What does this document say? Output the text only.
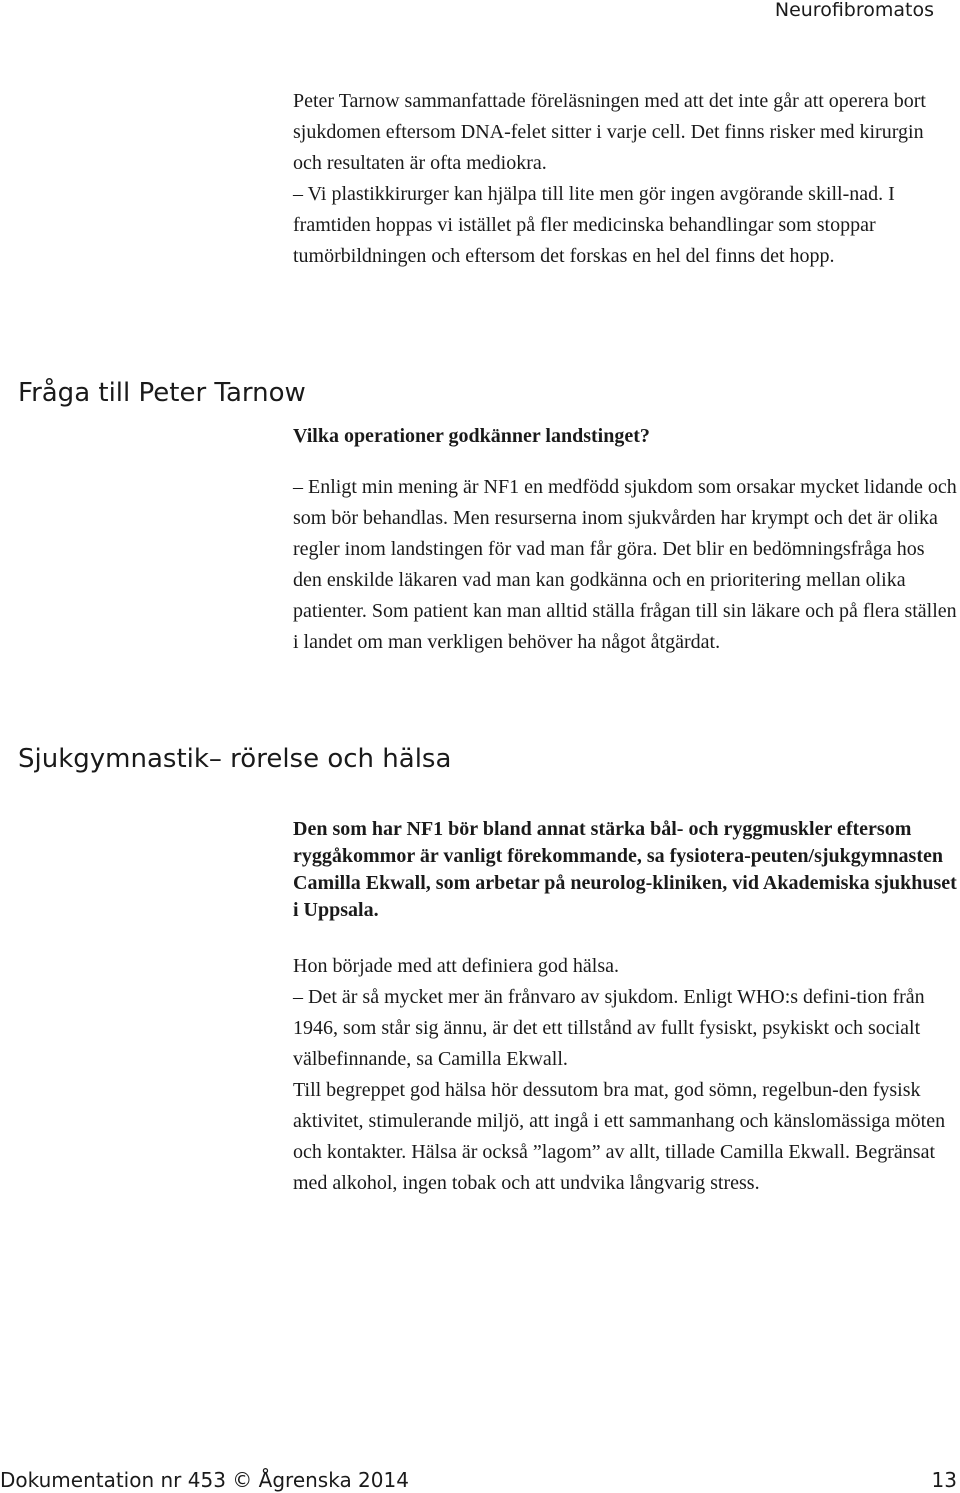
Neurofibromatos

Peter Tarnow sammanfattade föreläsningen med att det inte går att operera bort sjukdomen eftersom DNA-felet sitter i varje cell. Det finns risker med kirurgin och resultaten är ofta mediokra.
– Vi plastikkirurger kan hjälpa till lite men gör ingen avgörande skill-nad. I framtiden hoppas vi istället på fler medicinska behandlingar som stoppar tumörbildningen och eftersom det forskas en hel del finns det hopp.

Fråga till Peter Tarnow

Vilka operationer godkänner landstinget?

– Enligt min mening är NF1 en medfödd sjukdom som orsakar mycket lidande och som bör behandlas. Men resurserna inom sjukvården har krympt och det är olika regler inom landstingen för vad man får göra. Det blir en bedömningsfråga hos den enskilde läkaren vad man kan godkänna och en prioritering mellan olika patienter. Som patient kan man alltid ställa frågan till sin läkare och på flera ställen i landet om man verkligen behöver ha något åtgärdat.

Sjukgymnastik– rörelse och hälsa

Den som har NF1 bör bland annat stärka bål- och ryggmuskler eftersom ryggåkommor är vanligt förekommande, sa fysiotera-peuten/sjukgymnasten Camilla Ekwall, som arbetar på neurolog-kliniken, vid Akademiska sjukhuset i Uppsala.

Hon började med att definiera god hälsa.
– Det är så mycket mer än frånvaro av sjukdom. Enligt WHO:s defini-tion från 1946, som står sig ännu, är det ett tillstånd av fullt fysiskt, psykiskt och socialt välbefinnande, sa Camilla Ekwall.
Till begreppet god hälsa hör dessutom bra mat, god sömn, regelbun-den fysisk aktivitet, stimulerande miljö, att ingå i ett sammanhang och känslomässiga möten och kontakter. Hälsa är också ”lagom” av allt, tillade Camilla Ekwall. Begränsat med alkohol, ingen tobak och att undvika långvarig stress.

Dokumentation nr 453 © Ågrenska 2014	13
